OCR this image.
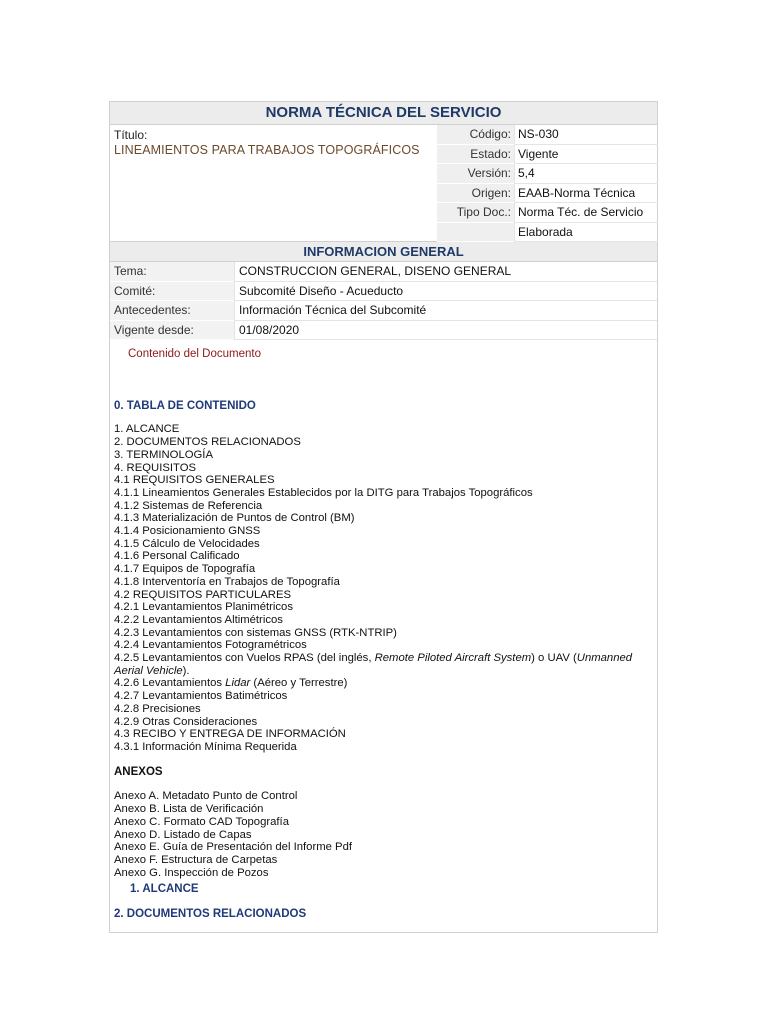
NORMA TÉCNICA DEL SERVICIO
Título:
LINEAMIENTOS PARA TRABAJOS TOPOGRÁFICOS
Código: NS-030
Estado: Vigente
Versión: 5,4
Origen: EAAB-Norma Técnica
Tipo Doc.: Norma Téc. de Servicio
Elaborada
INFORMACION GENERAL
Tema:	CONSTRUCCION GENERAL, DISENO GENERAL
Comité:	Subcomité Diseño - Acueducto
Antecedentes:	Información Técnica del Subcomité
Vigente desde:	01/08/2020
Contenido del Documento
0. TABLA DE CONTENIDO
1. ALCANCE
2. DOCUMENTOS RELACIONADOS
3. TERMINOLOGÍA
4. REQUISITOS
4.1 REQUISITOS GENERALES
4.1.1 Lineamientos Generales Establecidos por la DITG para Trabajos Topográficos
4.1.2 Sistemas de Referencia
4.1.3 Materialización de Puntos de Control (BM)
4.1.4 Posicionamiento GNSS
4.1.5 Cálculo de Velocidades
4.1.6 Personal Calificado
4.1.7 Equipos de Topografía
4.1.8 Interventoría en Trabajos de Topografía
4.2 REQUISITOS PARTICULARES
4.2.1 Levantamientos Planimétricos
4.2.2 Levantamientos Altimétricos
4.2.3 Levantamientos con sistemas GNSS (RTK-NTRIP)
4.2.4 Levantamientos Fotogramétricos
4.2.5 Levantamientos con Vuelos RPAS (del inglés, Remote Piloted Aircraft System) o UAV (Unmanned Aerial Vehicle).
4.2.6 Levantamientos Lidar (Aéreo y Terrestre)
4.2.7 Levantamientos Batimétricos
4.2.8 Precisiones
4.2.9 Otras Consideraciones
4.3 RECIBO Y ENTREGA DE INFORMACIÓN
4.3.1 Información Mínima Requerida
ANEXOS
Anexo A. Metadato Punto de Control
Anexo B. Lista de Verificación
Anexo C. Formato CAD Topografía
Anexo D. Listado de Capas
Anexo E. Guía de Presentación del Informe Pdf
Anexo F. Estructura de Carpetas
Anexo G. Inspección de Pozos
1. ALCANCE
2. DOCUMENTOS RELACIONADOS
